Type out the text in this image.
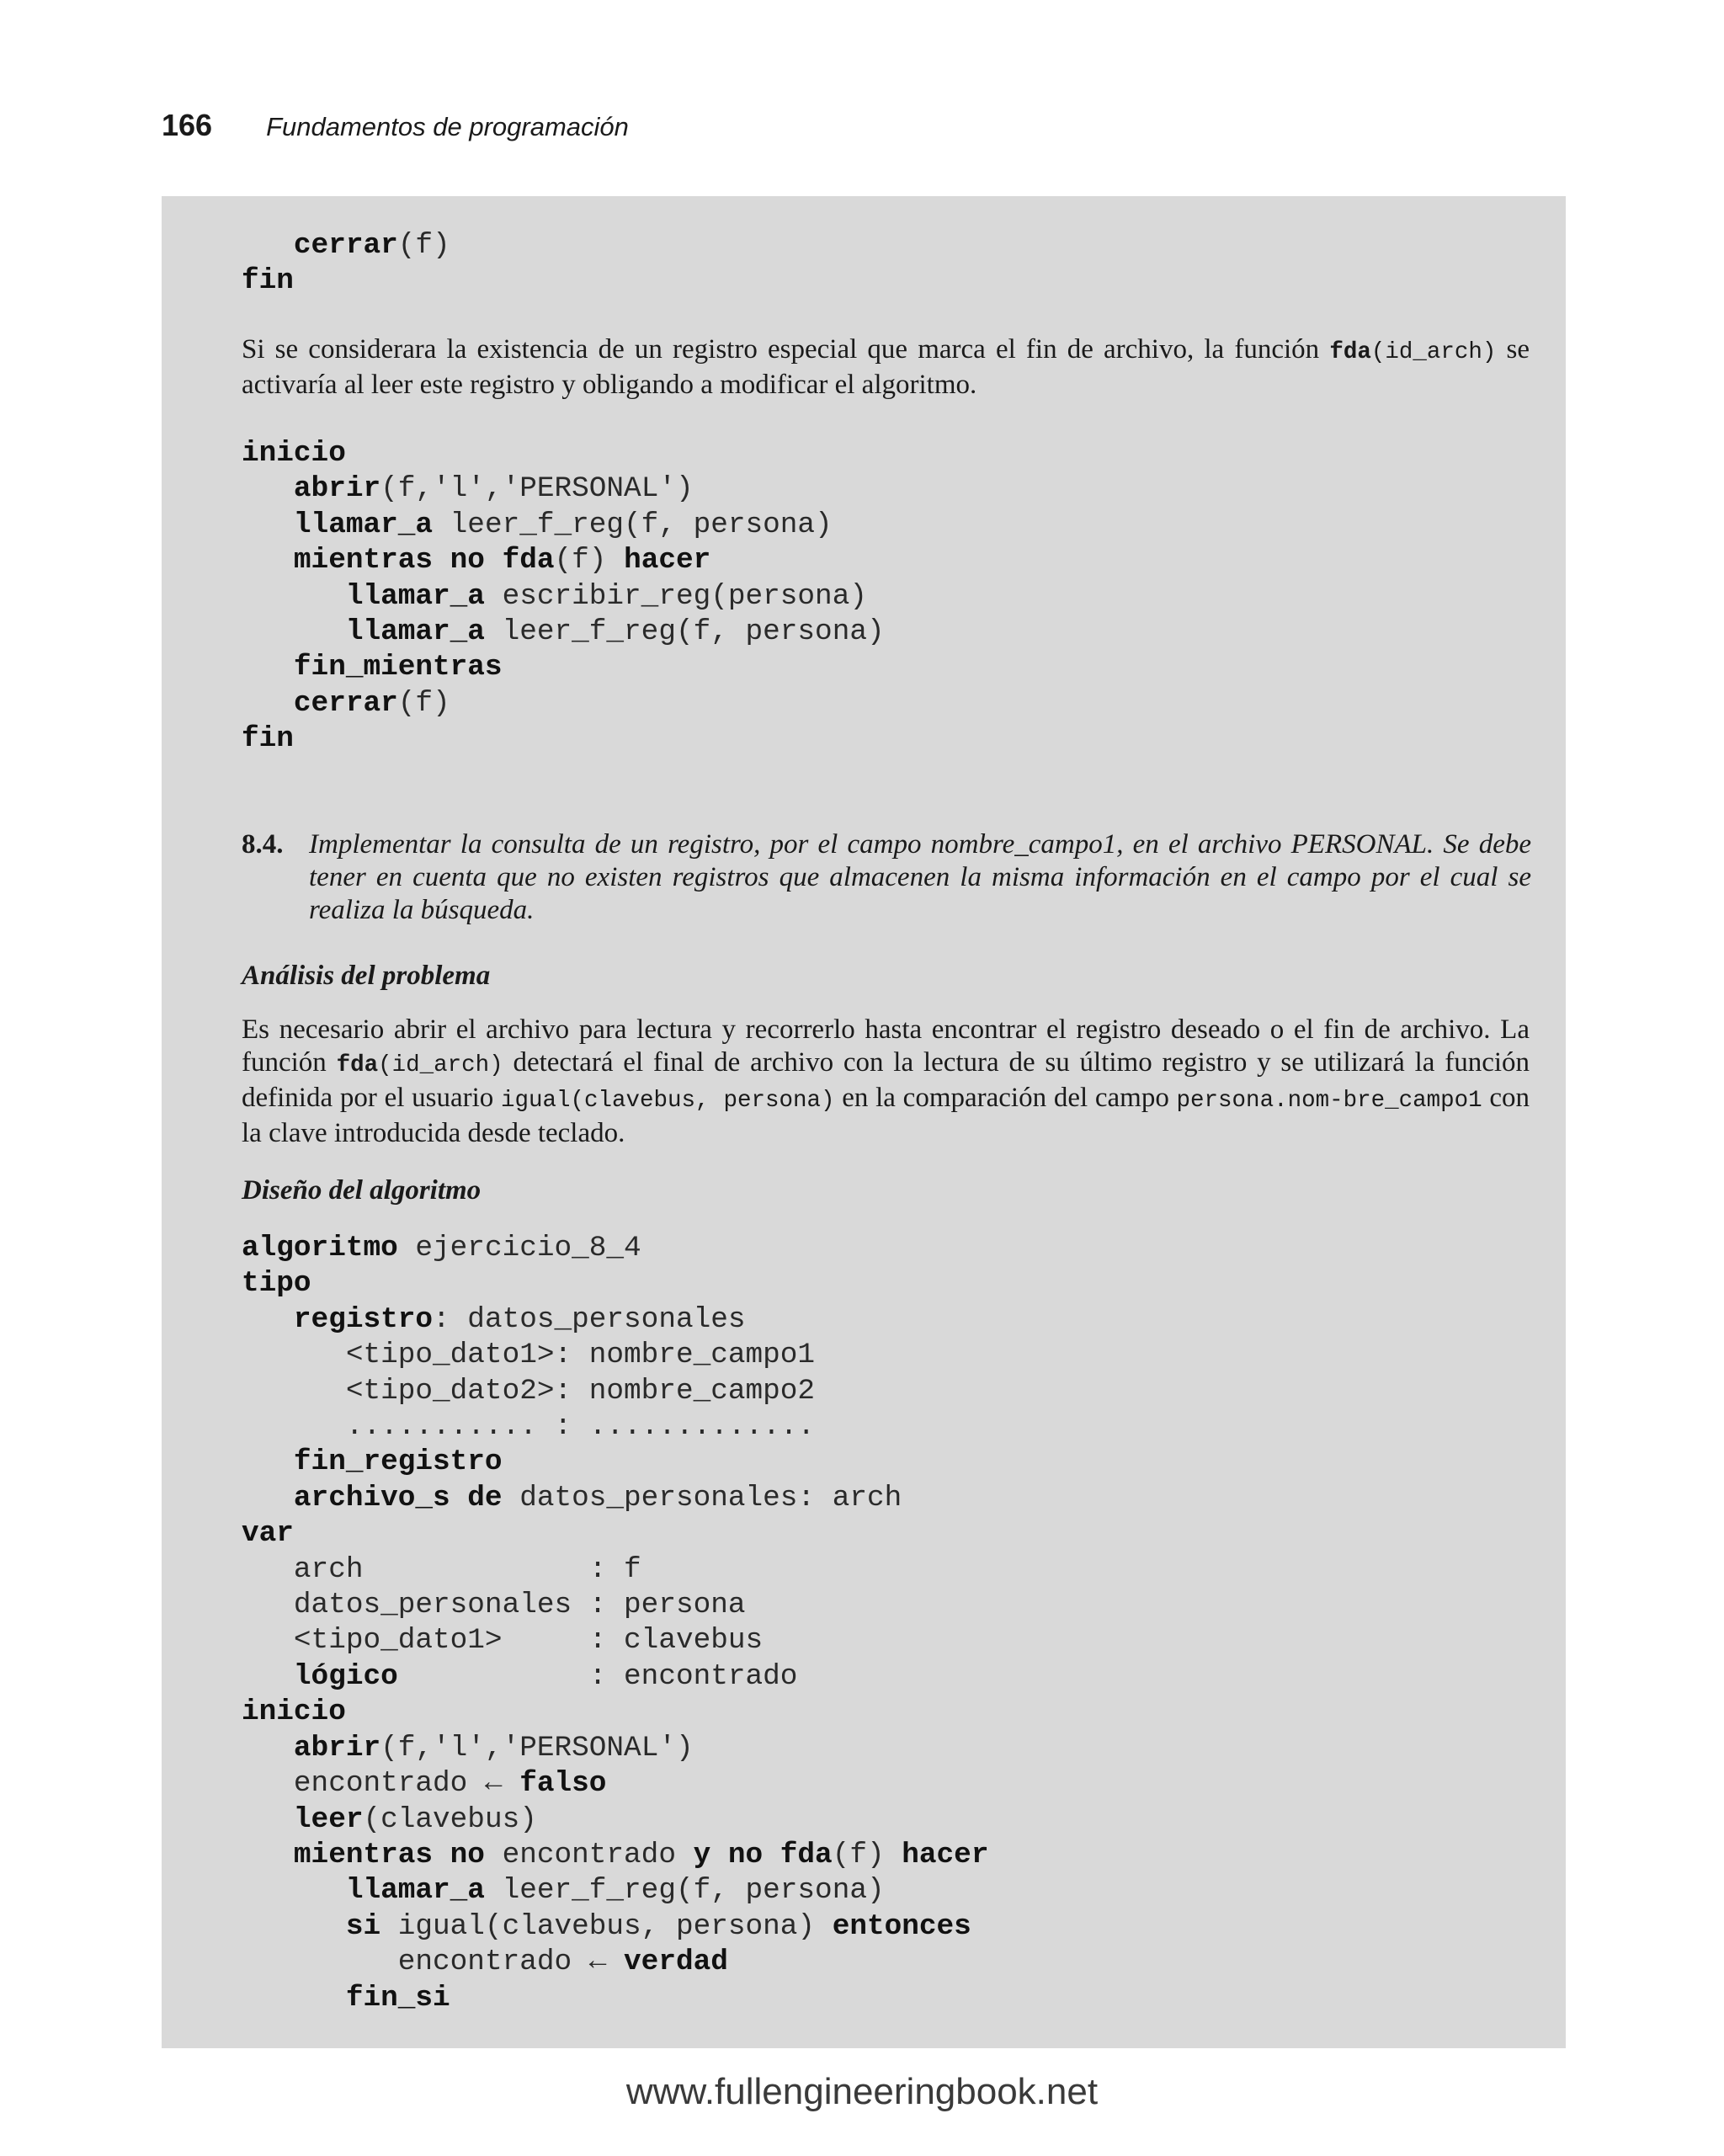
166 Fundamentos de programación
cerrar(f)
fin
Si se considerara la existencia de un registro especial que marca el fin de archivo, la función fda(id_arch) se activaría al leer este registro y obligando a modificar el algoritmo.
inicio
abrir(f,'l','PERSONAL')
llamar_a leer_f_reg(f, persona)
mientras no fda(f) hacer
llamar_a escribir_reg(persona)
llamar_a leer_f_reg(f, persona)
fin_mientras
cerrar(f)
fin
8.4. Implementar la consulta de un registro, por el campo nombre_campo1, en el archivo PERSONAL. Se debe tener en cuenta que no existen registros que almacenen la misma información en el campo por el cual se realiza la búsqueda.
Análisis del problema
Es necesario abrir el archivo para lectura y recorrerlo hasta encontrar el registro deseado o el fin de archivo. La función fda(id_arch) detectará el final de archivo con la lectura de su último registro y se utilizará la función definida por el usuario igual(clavebus, persona) en la comparación del campo persona.nom-bre_campo1 con la clave introducida desde teclado.
Diseño del algoritmo
algoritmo ejercicio_8_4
tipo
registro: datos_personales
<tipo_dato1>: nombre_campo1
<tipo_dato2>: nombre_campo2
........... : .............
fin_registro
archivo_s de datos_personales: arch
var
arch             : f
datos_personales : persona
<tipo_dato1>     : clavebus
lógico           : encontrado
inicio
abrir(f,'l','PERSONAL')
encontrado ← falso
leer(clavebus)
mientras no encontrado y no fda(f) hacer
llamar_a leer_f_reg(f, persona)
si igual(clavebus, persona) entonces
encontrado ← verdad
fin_si
www.fullengineeringbook.net
